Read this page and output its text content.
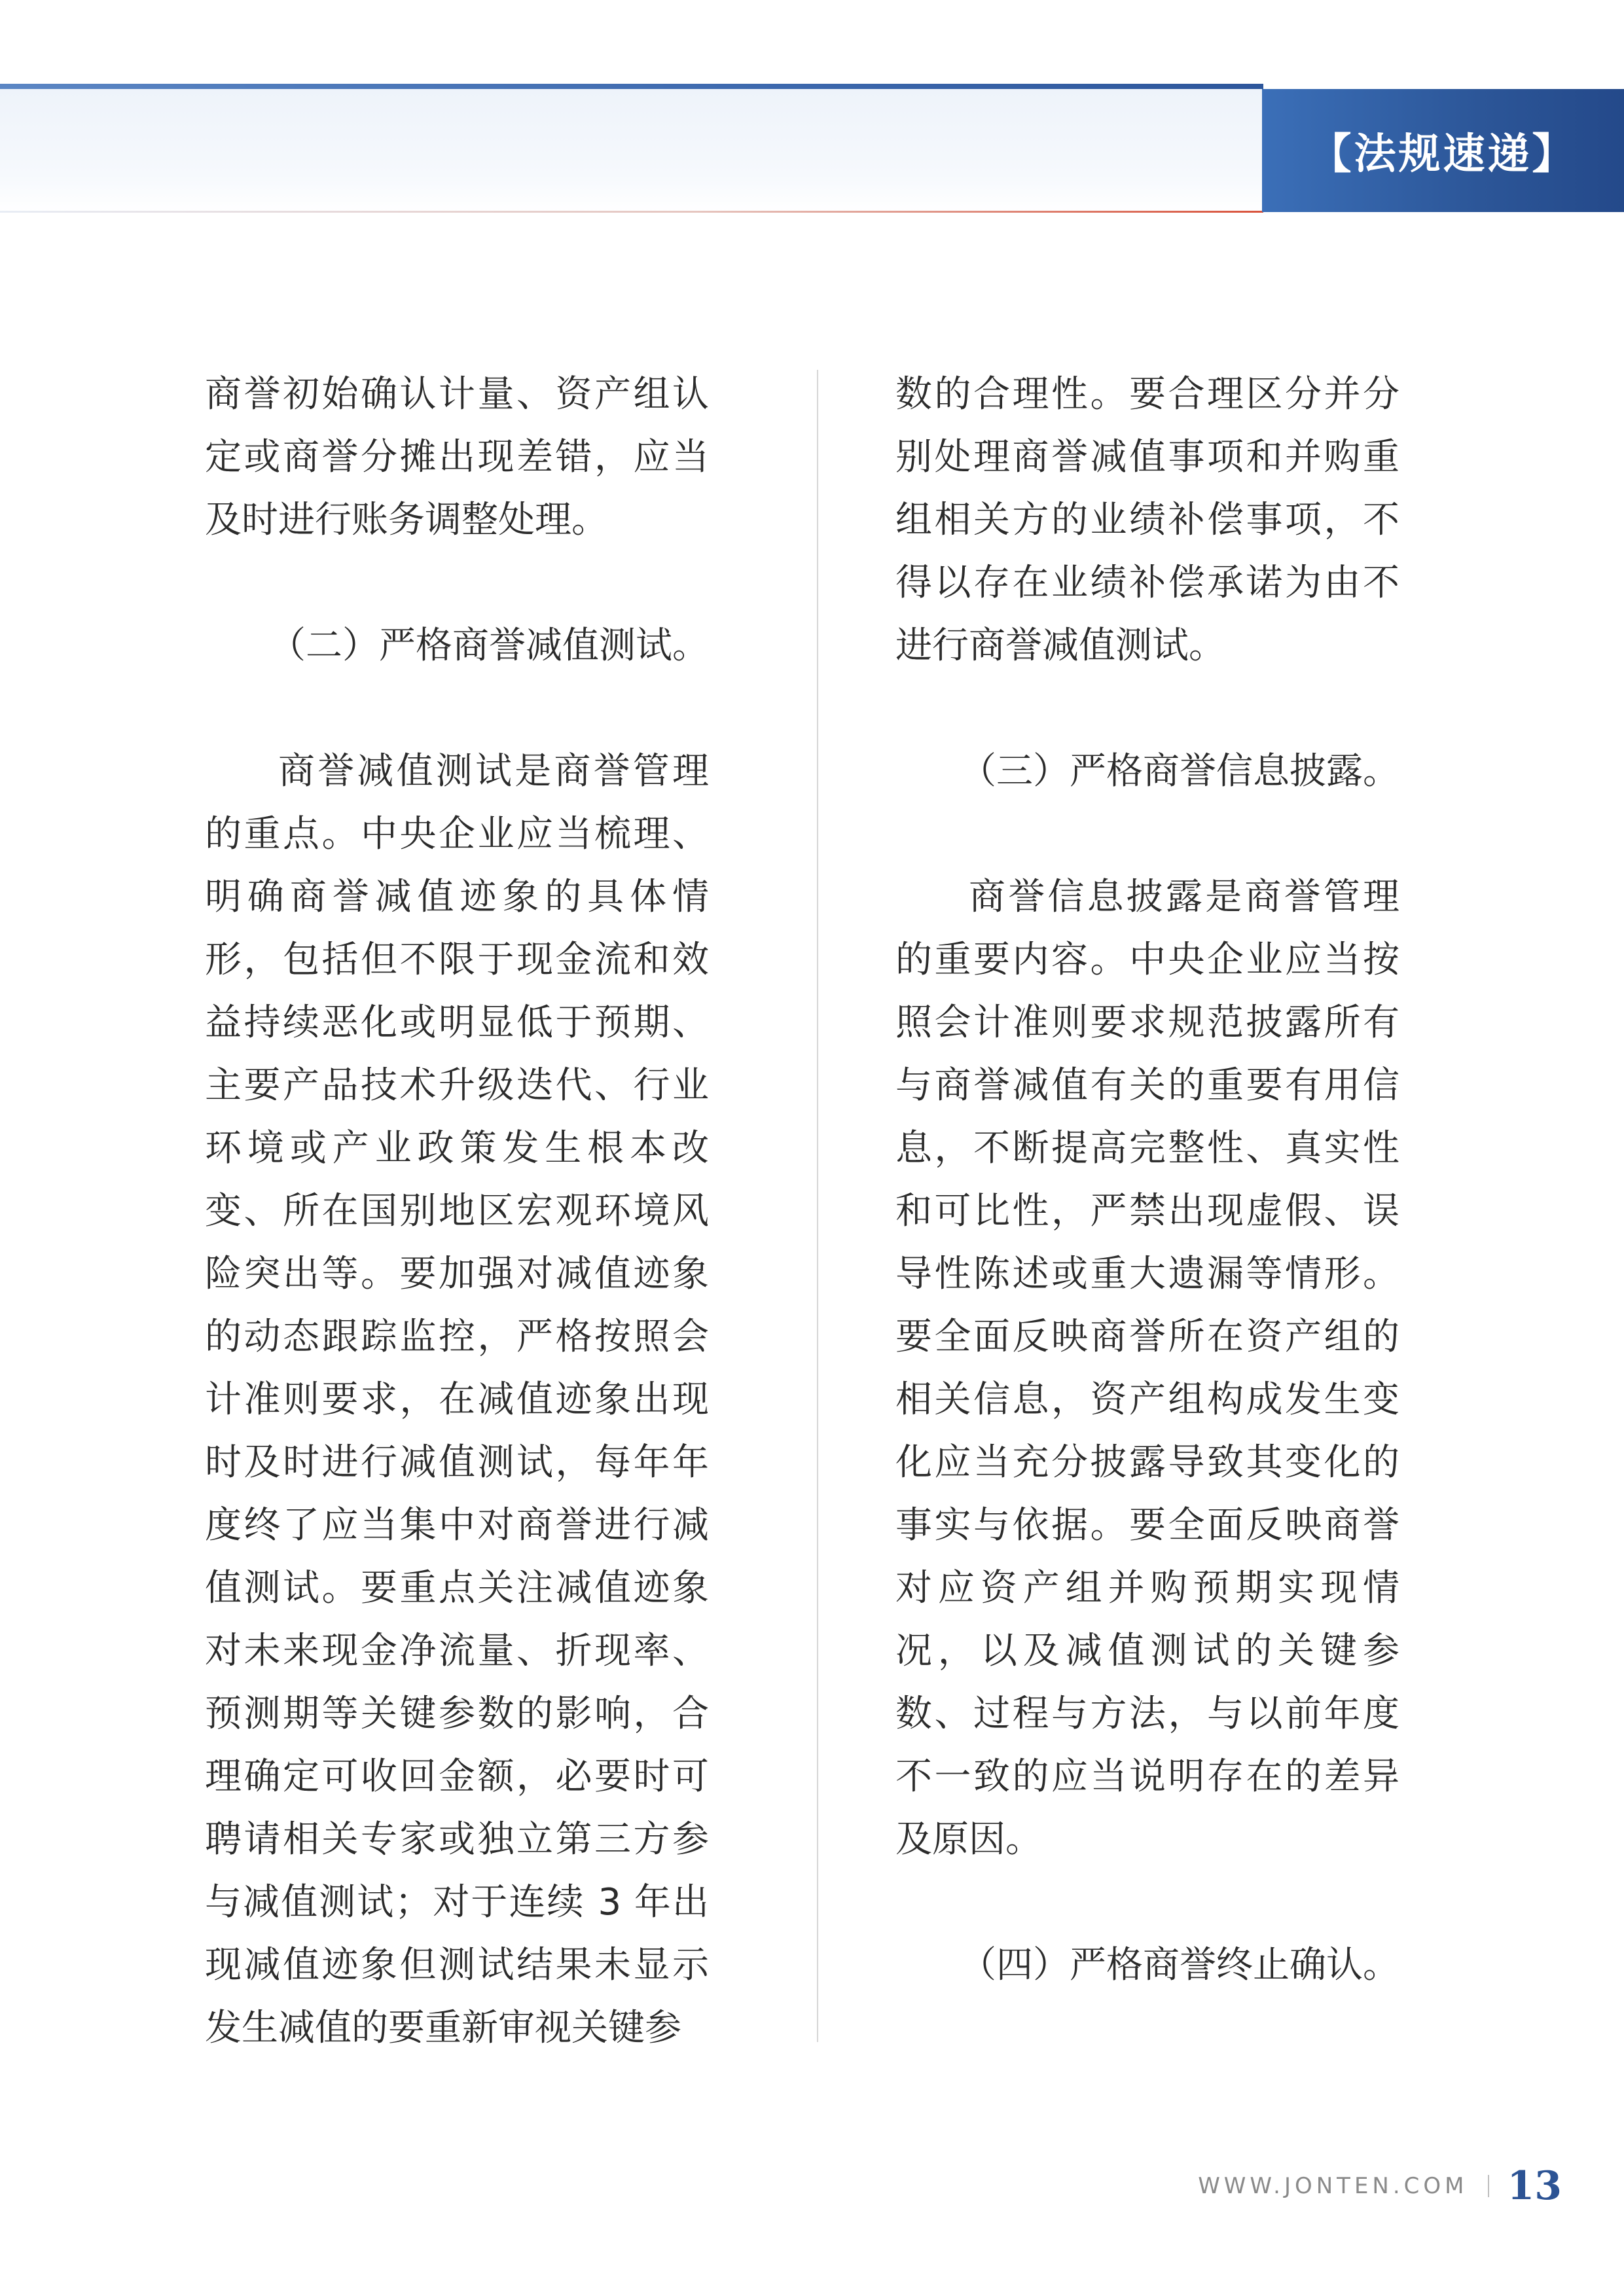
【法规速递】

商誉初始确认计量、资产组认定或商誉分摊出现差错，应当及时进行账务调整处理。

（二）严格商誉减值测试。

商誉减值测试是商誉管理的重点。中央企业应当梳理、明确商誉减值迹象的具体情形，包括但不限于现金流和效益持续恶化或明显低于预期、主要产品技术升级迭代、行业环境或产业政策发生根本改变、所在国别地区宏观环境风险突出等。要加强对减值迹象的动态跟踪监控，严格按照会计准则要求，在减值迹象出现时及时进行减值测试，每年年度终了应当集中对商誉进行减值测试。要重点关注减值迹象对未来现金净流量、折现率、预测期等关键参数的影响，合理确定可收回金额，必要时可聘请相关专家或独立第三方参与减值测试；对于连续 3 年出现减值迹象但测试结果未显示发生减值的要重新审视关键参

数的合理性。要合理区分并分别处理商誉减值事项和并购重组相关方的业绩补偿事项，不得以存在业绩补偿承诺为由不进行商誉减值测试。

（三）严格商誉信息披露。

商誉信息披露是商誉管理的重要内容。中央企业应当按照会计准则要求规范披露所有与商誉减值有关的重要有用信息，不断提高完整性、真实性和可比性，严禁出现虚假、误导性陈述或重大遗漏等情形。要全面反映商誉所在资产组的相关信息，资产组构成发生变化应当充分披露导致其变化的事实与依据。要全面反映商誉对应资产组并购预期实现情况，以及减值测试的关键参数、过程与方法，与以前年度不一致的应当说明存在的差异及原因。

（四）严格商誉终止确认。

WWW.JONTEN.COM 13
